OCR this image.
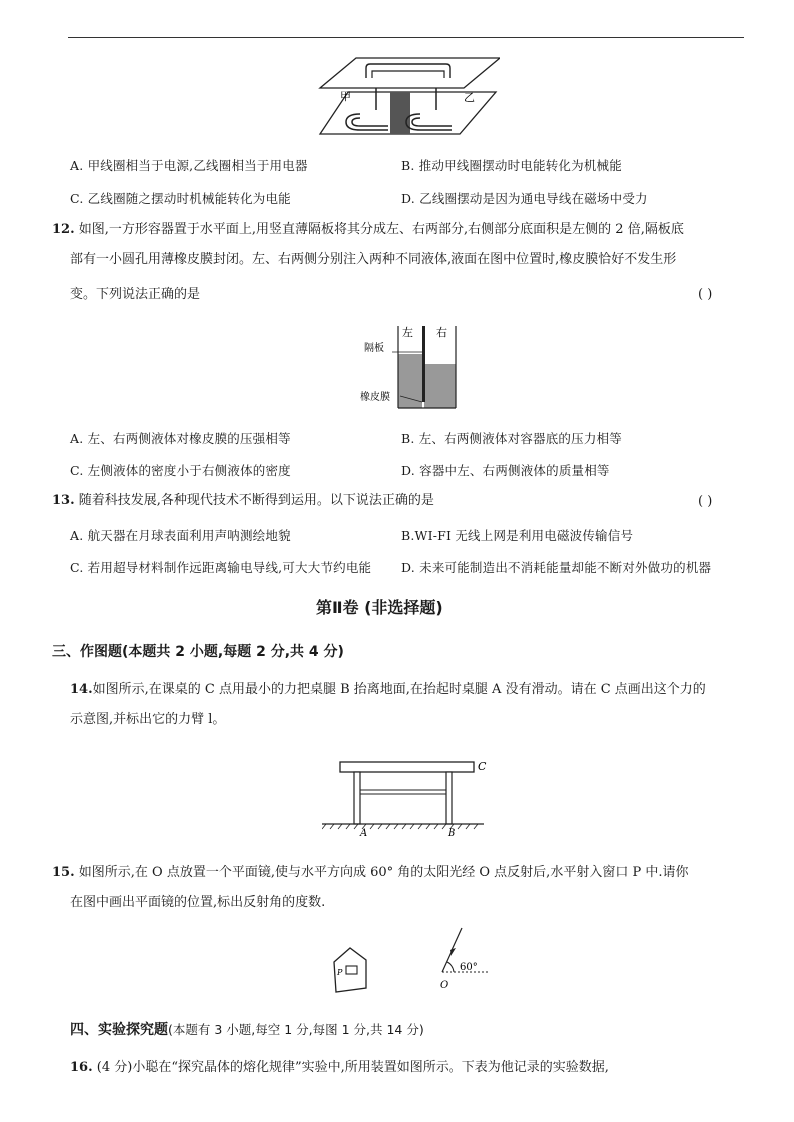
甲	乙
A. 甲线圈相当于电源,乙线圈相当于用电器	B. 推动甲线圈摆动时电能转化为机械能
C. 乙线圈随之摆动时机械能转化为电能	D. 乙线圈摆动是因为通电导线在磁场中受力
12. 如图,一方形容器置于水平面上,用竖直薄隔板将其分成左、右两部分,右侧部分底面积是左侧的 2 倍,隔板底
部有一小圆孔用薄橡皮膜封闭。左、右两侧分别注入两种不同液体,液面在图中位置时,橡皮膜恰好不发生形
变。下列说法正确的是	( )
左 右
隔板
橡皮膜
A. 左、右两侧液体对橡皮膜的压强相等	B. 左、右两侧液体对容器底的压力相等
C. 左侧液体的密度小于右侧液体的密度	D. 容器中左、右两侧液体的质量相等
13. 随着科技发展,各种现代技术不断得到运用。以下说法正确的是	( )
A. 航天器在月球表面利用声呐测绘地貌	B.WI-FI 无线上网是利用电磁波传输信号
C. 若用超导材料制作远距离输电导线,可大大节约电能 D. 未来可能制造出不消耗能量却能不断对外做功的机器
第Ⅱ卷 (非选择题)
三、作图题(本题共 2 小题,每题 2 分,共 4 分)
14.如图所示,在课桌的 C 点用最小的力把桌腿 B 抬离地面,在抬起时桌腿 A 没有滑动。请在 C 点画出这个力的
示意图,并标出它的力臂 l。
C
A	B
15. 如图所示,在 O 点放置一个平面镜,使与水平方向成 60° 角的太阳光经 O 点反射后,水平射入窗口 P 中.请你
在图中画出平面镜的位置,标出反射角的度数.
P	60°
O
四、实验探究题(本题有 3 小题,每空 1 分,每图 1 分,共 14 分)
16. (4 分)小聪在“探究晶体的熔化规律”实验中,所用装置如图所示。下表为他记录的实验数据,
